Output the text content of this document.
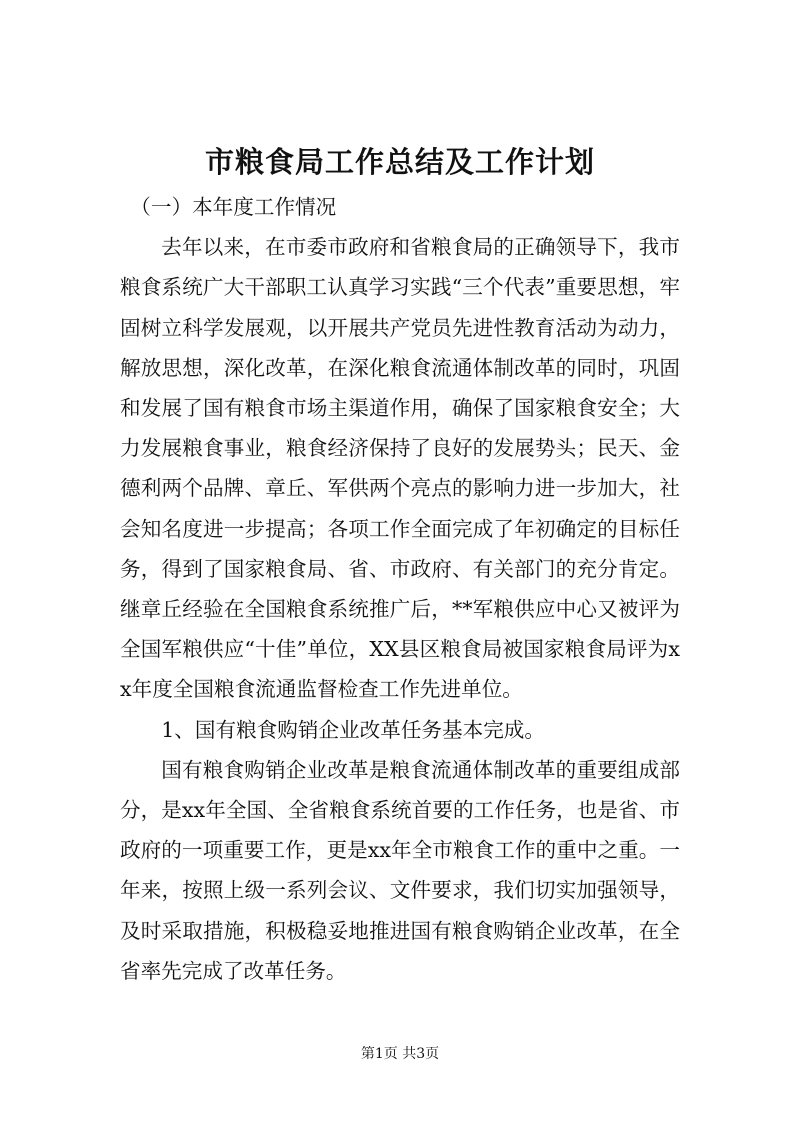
市粮食局工作总结及工作计划

（一）本年度工作情况

去年以来，在市委市政府和省粮食局的正确领导下，我市粮食系统广大干部职工认真学习实践“三个代表”重要思想，牢固树立科学发展观，以开展共产党员先进性教育活动为动力，解放思想，深化改革，在深化粮食流通体制改革的同时，巩固和发展了国有粮食市场主渠道作用，确保了国家粮食安全；大力发展粮食事业，粮食经济保持了良好的发展势头；民天、金德利两个品牌、章丘、军供两个亮点的影响力进一步加大，社会知名度进一步提高；各项工作全面完成了年初确定的目标任务，得到了国家粮食局、省、市政府、有关部门的充分肯定。继章丘经验在全国粮食系统推广后，**军粮供应中心又被评为全国军粮供应“十佳”单位，XX县区粮食局被国家粮食局评为xx年度全国粮食流通监督检查工作先进单位。

1、国有粮食购销企业改革任务基本完成。

国有粮食购销企业改革是粮食流通体制改革的重要组成部分，是xx年全国、全省粮食系统首要的工作任务，也是省、市政府的一项重要工作，更是xx年全市粮食工作的重中之重。一年来，按照上级一系列会议、文件要求，我们切实加强领导，及时采取措施，积极稳妥地推进国有粮食购销企业改革，在全省率先完成了改革任务。

第1页 共3页
